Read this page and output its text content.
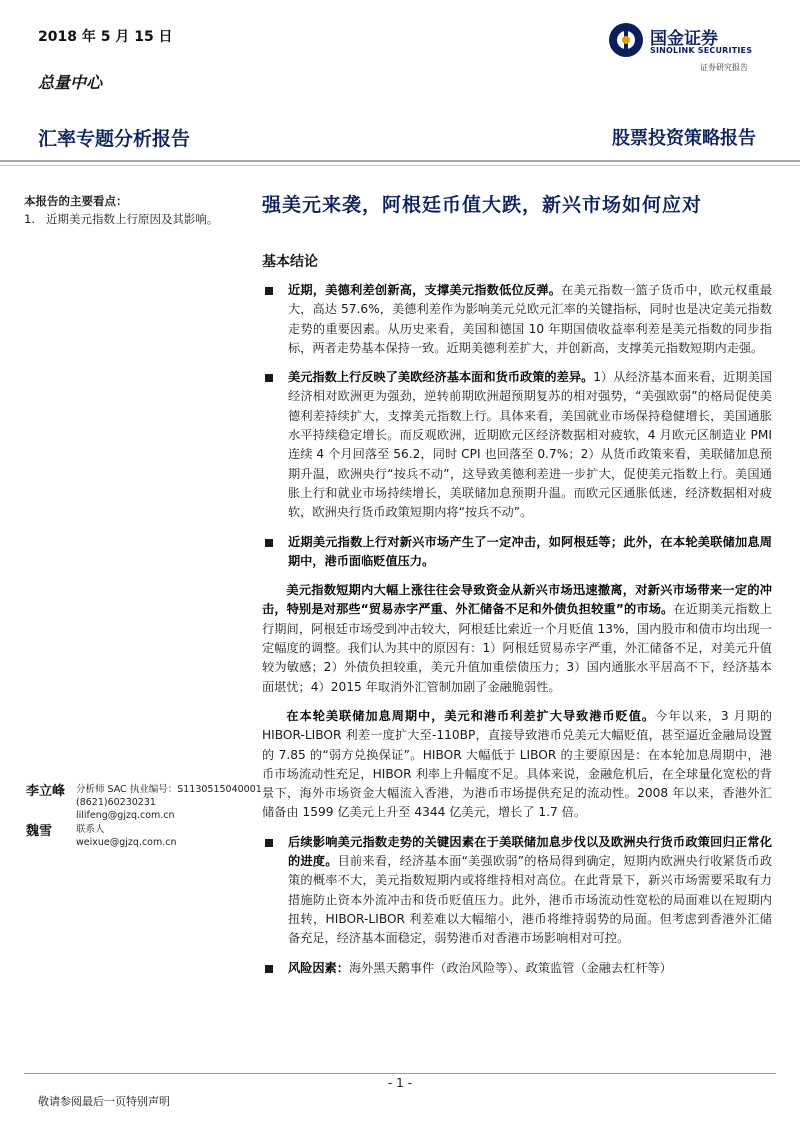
2018 年 5 月 15 日	国金证券
SINOLINK SECURITIES
证券研究报告
总量中心
汇率专题分析报告	股票投资策略报告
本报告的主要看点：
1.   近期美元指数上行原因及其影响。
强美元来袭，阿根廷币值大跌，新兴市场如何应对
基本结论
近期，美德利差创新高，支撑美元指数低位反弹。在美元指数一篮子货币中，欧元权重最大，高达 57.6%，美德利差作为影响美元兑欧元汇率的关键指标，同时也是决定美元指数走势的重要因素。从历史来看，美国和德国 10 年期国债收益率利差是美元指数的同步指标，两者走势基本保持一致。近期美德利差扩大，并创新高，支撑美元指数短期内走强。
美元指数上行反映了美欧经济基本面和货币政策的差异。1）从经济基本面来看，近期美国经济相对欧洲更为强劲，逆转前期欧洲超预期复苏的相对强势，“美强欧弱”的格局促使美德利差持续扩大，支撑美元指数上行。具体来看，美国就业市场保持稳健增长，美国通胀水平持续稳定增长。而反观欧洲，近期欧元区经济数据相对疲软，4 月欧元区制造业 PMI 连续 4 个月回落至 56.2，同时 CPI 也回落至 0.7%；2）从货币政策来看，美联储加息预期升温，欧洲央行“按兵不动”，这导致美德利差进一步扩大，促使美元指数上行。美国通胀上行和就业市场持续增长，美联储加息预期升温。而欧元区通胀低迷，经济数据相对疲软，欧洲央行货币政策短期内将“按兵不动”。
近期美元指数上行对新兴市场产生了一定冲击，如阿根廷等；此外，在本轮美联储加息周期中，港币面临贬值压力。
美元指数短期内大幅上涨往往会导致资金从新兴市场迅速撤离，对新兴市场带来一定的冲击，特别是对那些“贸易赤字严重、外汇储备不足和外债负担较重”的市场。在近期美元指数上行期间，阿根廷市场受到冲击较大，阿根廷比索近一个月贬值 13%，国内股市和债市均出现一定幅度的调整。我们认为其中的原因有：1）阿根廷贸易赤字严重，外汇储备不足，对美元升值较为敏感；2）外债负担较重，美元升值加重偿债压力；3）国内通胀水平居高不下，经济基本面堪忧；4）2015 年取消外汇管制加剧了金融脆弱性。
在本轮美联储加息周期中，美元和港币利差扩大导致港币贬值。今年以来，3 月期的 HIBOR-LIBOR 利差一度扩大至-110BP，直接导致港币兑美元大幅贬值，甚至逼近金融局设置的 7.85 的“弱方兑换保证”。HIBOR 大幅低于 LIBOR 的主要原因是：在本轮加息周期中，港币市场流动性充足，HIBOR 利率上升幅度不足。具体来说，金融危机后，在全球量化宽松的背景下，海外市场资金大幅流入香港，为港币市场提供充足的流动性。2008 年以来，香港外汇储备由 1599 亿美元上升至 4344 亿美元，增长了 1.7 倍。
后续影响美元指数走势的关键因素在于美联储加息步伐以及欧洲央行货币政策回归正常化的进度。目前来看，经济基本面“美强欧弱”的格局得到确定，短期内欧洲央行收紧货币政策的概率不大，美元指数短期内或将维持相对高位。在此背景下，新兴市场需要采取有力措施防止资本外流冲击和货币贬值压力。此外，港币市场流动性宽松的局面难以在短期内扭转，HIBOR-LIBOR 利差难以大幅缩小，港币将维持弱势的局面。但考虑到香港外汇储备充足，经济基本面稳定，弱势港币对香港市场影响相对可控。
风险因素：海外黑天鹅事件（政治风险等）、政策监管（金融去杠杆等）
李立峰 分析师 SAC 执业编号：S1130515040001
(8621)60230231
lilifeng@gjzq.com.cn
魏雪	联系人
weixue@gjzq.com.cn
- 1 -
敬请参阅最后一页特别声明
